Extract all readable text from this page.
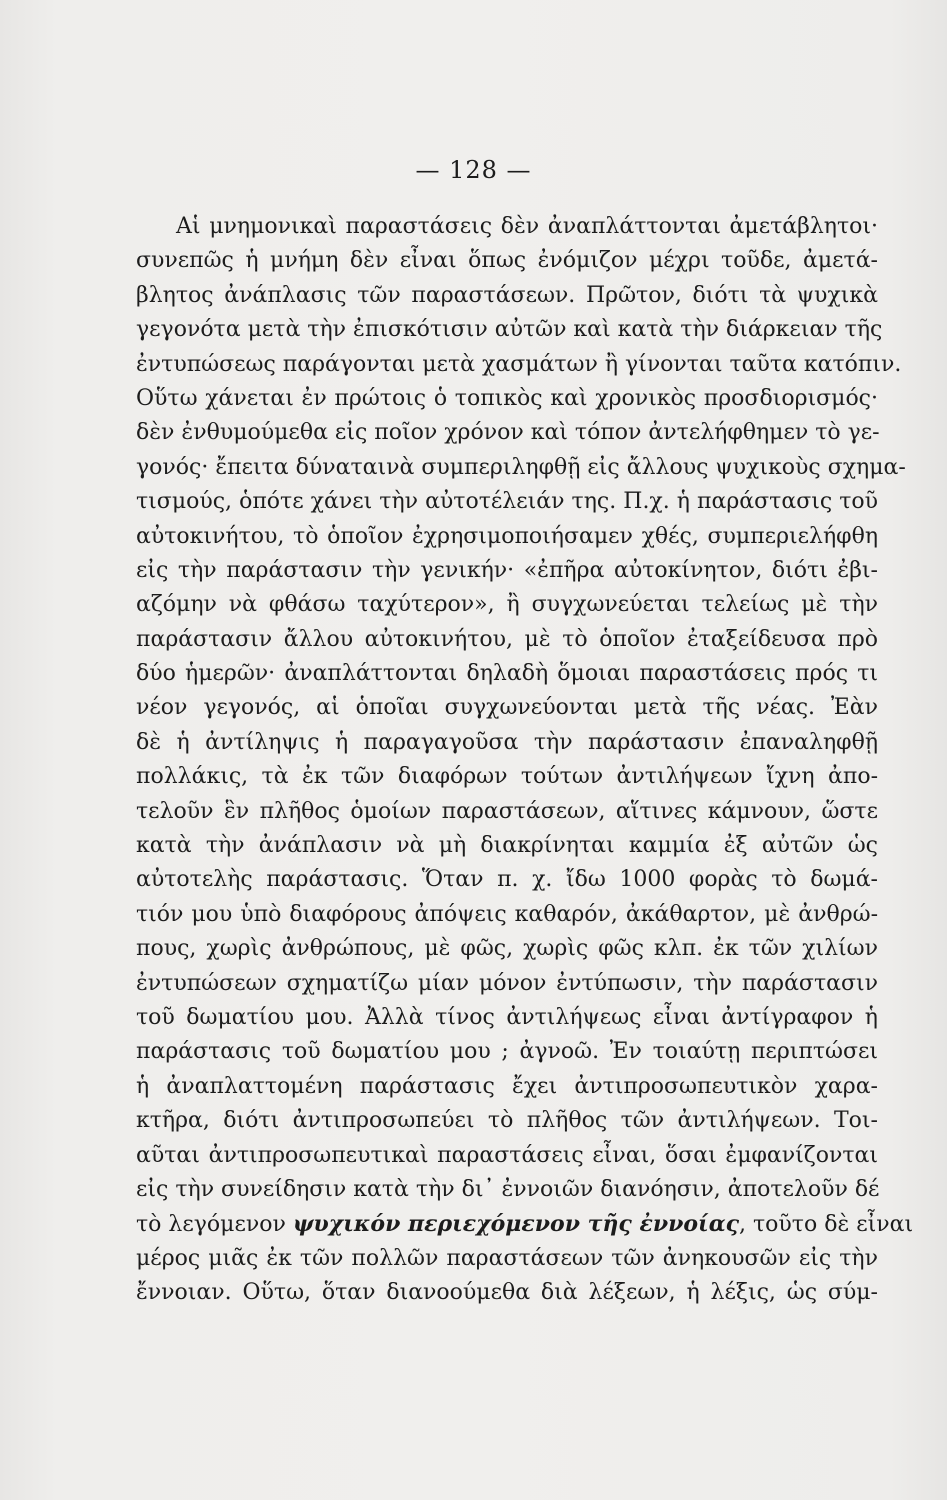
— 128 —
Αἱ μνημονικαὶ παραστάσεις δὲν ἀναπλάττονται ἀμετάβλητοι·
συνεπῶς ἡ μνήμη δὲν εἶναι ὅπως ἐνόμιζον μέχρι τοῦδε, ἀμετά-
βλητος ἀνάπλασις τῶν παραστάσεων. Πρῶτον, διότι τὰ ψυχικὰ
γεγονότα μετὰ τὴν ἐπισκότισιν αὐτῶν καὶ κατὰ τὴν διάρκειαν τῆς
ἐντυπώσεως παράγονται μετὰ χασμάτων ἢ γίνονται ταῦτα κατόπιν.
Οὕτω χάνεται ἐν πρώτοις ὁ τοπικὸς καὶ χρονικὸς προσδιορισμός·
δὲν ἐνθυμούμεθα εἰς ποῖον χρόνον καὶ τόπον ἀντελήφθημεν τὸ γε-
γονός· ἔπειτα δύναταινὰ συμπεριληφθῇ εἰς ἄλλους ψυχικοὺς σχημα-
τισμούς, ὁπότε χάνει τὴν αὐτοτέλειάν της. Π.χ. ἡ παράστασις τοῦ
αὐτοκινήτου, τὸ ὁποῖον ἐχρησιμοποιήσαμεν χθές, συμπεριελήφθη
εἰς τὴν παράστασιν τὴν γενικήν· «ἐπῆρα αὐτοκίνητον, διότι ἐβι-
αζόμην νὰ φθάσω ταχύτερον», ἢ συγχωνεύεται τελείως μὲ τὴν
παράστασιν ἄλλου αὐτοκινήτου, μὲ τὸ ὁποῖον ἐταξείδευσα πρὸ
δύο ἡμερῶν· ἀναπλάττονται δηλαδὴ ὅμοιαι παραστάσεις πρός τι
νέον γεγονός, αἱ ὁποῖαι συγχωνεύονται μετὰ τῆς νέας. Ἐὰν
δὲ ἡ ἀντίληψις ἡ παραγαγοῦσα τὴν παράστασιν ἐπαναληφθῇ
πολλάκις, τὰ ἐκ τῶν διαφόρων τούτων ἀντιλήψεων ἴχνη ἀπο-
τελοῦν ἓν πλῆθος ὁμοίων παραστάσεων, αἵτινες κάμνουν, ὥστε
κατὰ τὴν ἀνάπλασιν νὰ μὴ διακρίνηται καμμία ἐξ αὐτῶν ὡς
αὐτοτελὴς παράστασις. Ὅταν π. χ. ἴδω 1000 φορὰς τὸ δωμά-
τιόν μου ὑπὸ διαφόρους ἀπόψεις καθαρόν, ἀκάθαρτον, μὲ ἀνθρώ-
πους, χωρὶς ἀνθρώπους, μὲ φῶς, χωρὶς φῶς κλπ. ἐκ τῶν χιλίων
ἐντυπώσεων σχηματίζω μίαν μόνον ἐντύπωσιν, τὴν παράστασιν
τοῦ δωματίου μου. Ἀλλὰ τίνος ἀντιλήψεως εἶναι ἀντίγραφον ἡ
παράστασις τοῦ δωματίου μου ; ἀγνοῶ. Ἐν τοιαύτῃ περιπτώσει
ἡ ἀναπλαττομένη παράστασις ἔχει ἀντιπροσωπευτικὸν χαρα-
κτῆρα, διότι ἀντιπροσωπεύει τὸ πλῆθος τῶν ἀντιλήψεων. Τοι-
αῦται ἀντιπροσωπευτικαὶ παραστάσεις εἶναι, ὅσαι ἐμφανίζονται
εἰς τὴν συνείδησιν κατὰ τὴν δι᾽ ἐννοιῶν διανόησιν, ἀποτελοῦν δέ
τὸ λεγόμενον ψυχικόν περιεχόμενον τῆς ἐννοίας, τοῦτο δὲ εἶναι
μέρος μιᾶς ἐκ τῶν πολλῶν παραστάσεων τῶν ἀνηκουσῶν εἰς τὴν
ἔννοιαν. Οὕτω, ὅταν διανοούμεθα διὰ λέξεων, ἡ λέξις, ὡς σύμ-
